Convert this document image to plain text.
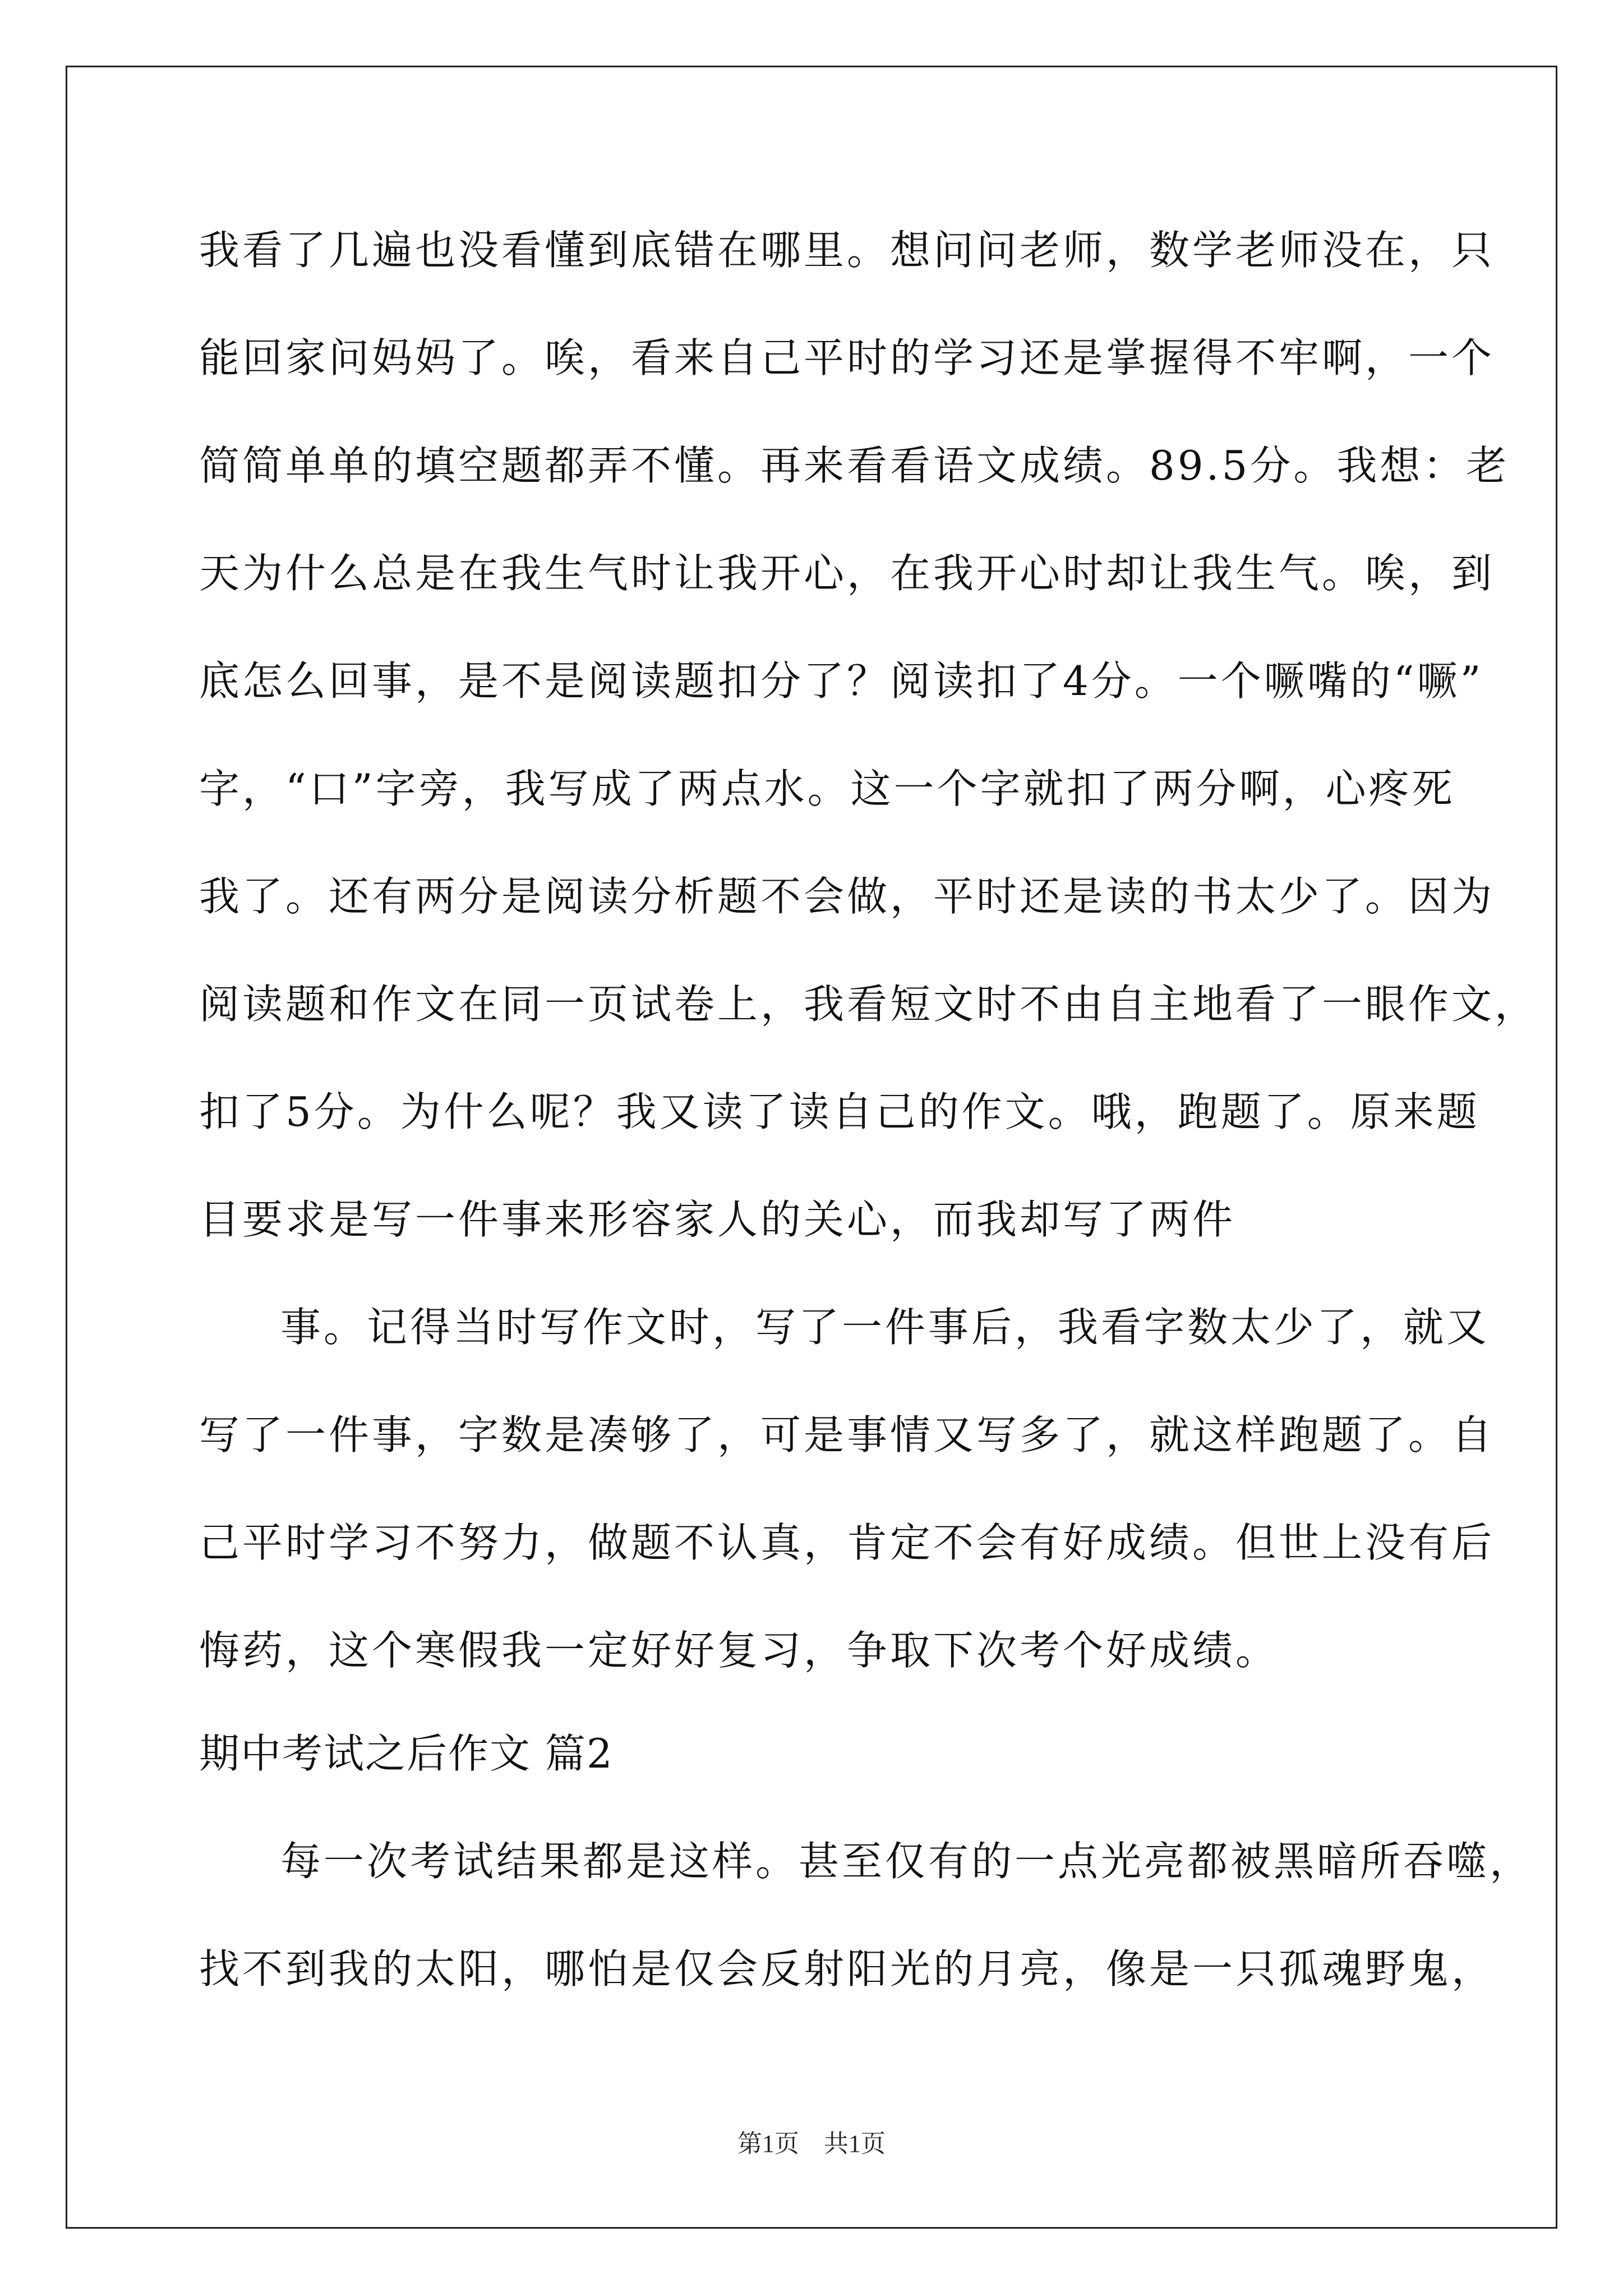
我看了几遍也没看懂到底错在哪里。想问问老师，数学老师没在，只
能回家问妈妈了。唉，看来自己平时的学习还是掌握得不牢啊，一个
简简单单的填空题都弄不懂。再来看看语文成绩。89.5分。我想：老
天为什么总是在我生气时让我开心，在我开心时却让我生气。唉，到
底怎么回事，是不是阅读题扣分了？阅读扣了4分。一个噘嘴的“噘”
字，“口”字旁，我写成了两点水。这一个字就扣了两分啊，心疼死
我了。还有两分是阅读分析题不会做，平时还是读的书太少了。因为
阅读题和作文在同一页试卷上，我看短文时不由自主地看了一眼作文，
扣了5分。为什么呢？我又读了读自己的作文。哦，跑题了。原来题
目要求是写一件事来形容家人的关心，而我却写了两件
事。记得当时写作文时，写了一件事后，我看字数太少了，就又
写了一件事，字数是凑够了，可是事情又写多了，就这样跑题了。自
己平时学习不努力，做题不认真，肯定不会有好成绩。但世上没有后
悔药，这个寒假我一定好好复习，争取下次考个好成绩。
期中考试之后作文 篇2
每一次考试结果都是这样。甚至仅有的一点光亮都被黑暗所吞噬，
找不到我的太阳，哪怕是仅会反射阳光的月亮，像是一只孤魂野鬼，
第1页　共1页
